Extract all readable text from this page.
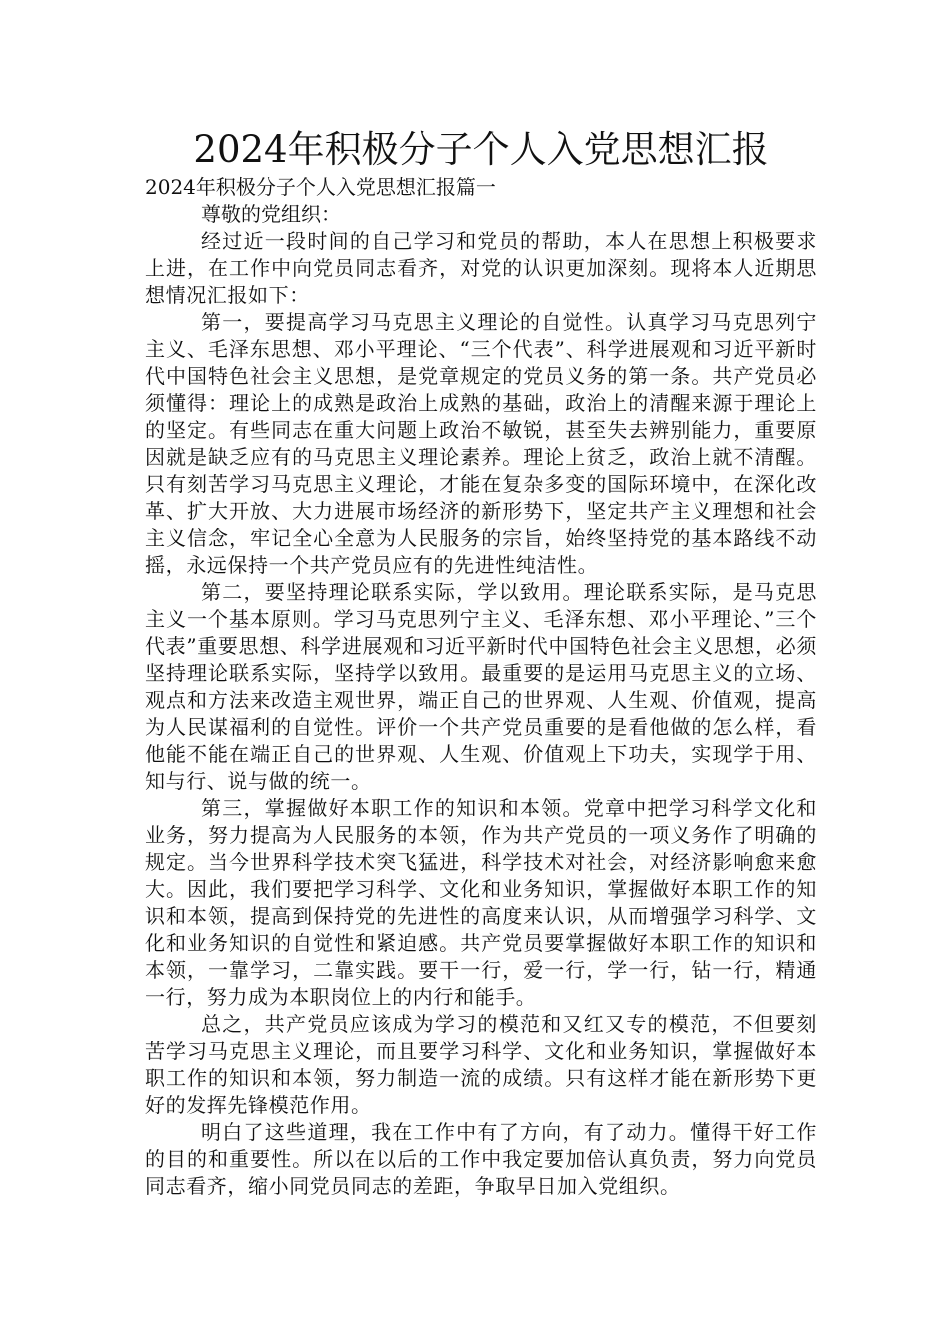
2024年积极分子个人入党思想汇报

2024年积极分子个人入党思想汇报篇一

尊敬的党组织：

经过近一段时间的自己学习和党员的帮助，本人在思想上积极要求上进，在工作中向党员同志看齐，对党的认识更加深刻。现将本人近期思想情况汇报如下：

第一，要提高学习马克思主义理论的自觉性。认真学习马克思列宁主义、毛泽东思想、邓小平理论、“三个代表”、科学进展观和习近平新时代中国特色社会主义思想，是党章规定的党员义务的第一条。共产党员必须懂得：理论上的成熟是政治上成熟的基础，政治上的清醒来源于理论上的坚定。有些同志在重大问题上政治不敏锐，甚至失去辨别能力，重要原因就是缺乏应有的马克思主义理论素养。理论上贫乏，政治上就不清醒。只有刻苦学习马克思主义理论，才能在复杂多变的国际环境中，在深化改革、扩大开放、大力进展市场经济的新形势下，坚定共产主义理想和社会主义信念，牢记全心全意为人民服务的宗旨，始终坚持党的基本路线不动摇，永远保持一个共产党员应有的先进性纯洁性。

第二，要坚持理论联系实际，学以致用。理论联系实际，是马克思主义一个基本原则。学习马克思列宁主义、毛泽东想、邓小平理论、”三个代表”重要思想、科学进展观和习近平新时代中国特色社会主义思想，必须坚持理论联系实际，坚持学以致用。最重要的是运用马克思主义的立场、观点和方法来改造主观世界，端正自己的世界观、人生观、价值观，提高为人民谋福利的自觉性。评价一个共产党员重要的是看他做的怎么样，看他能不能在端正自己的世界观、人生观、价值观上下功夫，实现学于用、知与行、说与做的统一。

第三，掌握做好本职工作的知识和本领。党章中把学习科学文化和业务，努力提高为人民服务的本领，作为共产党员的一项义务作了明确的规定。当今世界科学技术突飞猛进，科学技术对社会，对经济影响愈来愈大。因此，我们要把学习科学、文化和业务知识，掌握做好本职工作的知识和本领，提高到保持党的先进性的高度来认识，从而增强学习科学、文化和业务知识的自觉性和紧迫感。共产党员要掌握做好本职工作的知识和本领，一靠学习，二靠实践。要干一行，爱一行，学一行，钻一行，精通一行，努力成为本职岗位上的内行和能手。

总之，共产党员应该成为学习的模范和又红又专的模范，不但要刻苦学习马克思主义理论，而且要学习科学、文化和业务知识，掌握做好本职工作的知识和本领，努力制造一流的成绩。只有这样才能在新形势下更好的发挥先锋模范作用。

明白了这些道理，我在工作中有了方向，有了动力。懂得干好工作的目的和重要性。所以在以后的工作中我定要加倍认真负责，努力向党员同志看齐，缩小同党员同志的差距，争取早日加入党组织。
